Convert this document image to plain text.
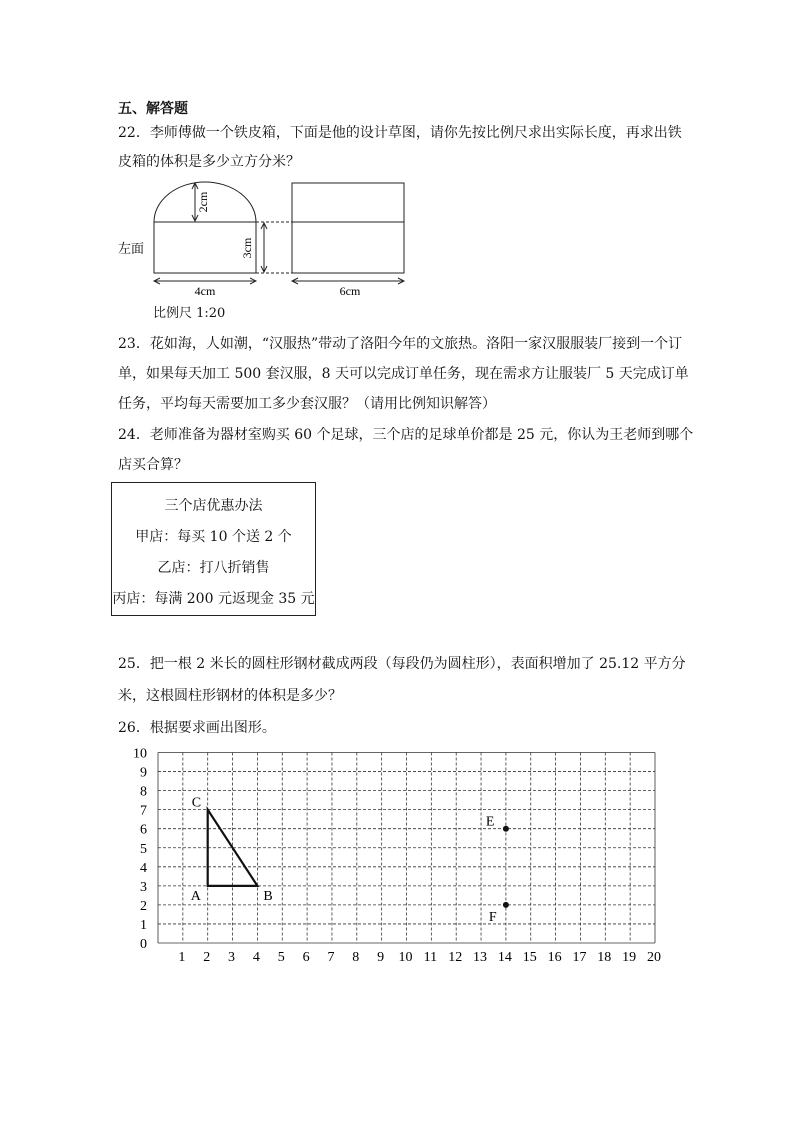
五、解答题
22．李师傅做一个铁皮箱，下面是他的设计草图，请你先按比例尺求出实际长度，再求出铁
皮箱的体积是多少立方分米？
2cm
3cm
4cm	6cm
左面
比例尺 1:20
23．花如海，人如潮，“汉服热”带动了洛阳今年的文旅热。洛阳一家汉服服装厂接到一个订
单，如果每天加工 500 套汉服，8 天可以完成订单任务，现在需求方让服装厂 5 天完成订单
任务，平均每天需要加工多少套汉服？（请用比例知识解答）
24．老师准备为器材室购买 60 个足球，三个店的足球单价都是 25 元，你认为王老师到哪个
店买合算？
三个店优惠办法
甲店：每买 10 个送 2 个
乙店：打八折销售
丙店：每满 200 元返现金 35 元
25．把一根 2 米长的圆柱形钢材截成两段（每段仍为圆柱形），表面积增加了 25.12 平方分
米，这根圆柱形钢材的体积是多少？
26．根据要求画出图形。
0
1
2
3
4
5
6
7
8
9
10
1 2 3 4 5 6 7 8 9 10 11 12 13 14 15 16 17 18 19 20
A	B
C
E
F
